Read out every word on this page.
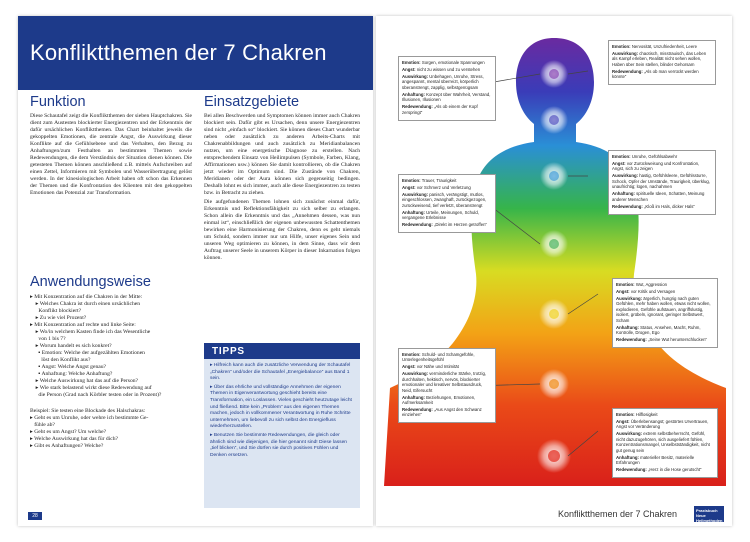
Konfliktthemen der 7 Chakren
Funktion

Diese Schautafel zeigt die Konfliktthemen der sieben Hauptchakren. Sie dient zum Austesten blockierter Energiezentren und der Erkenntnis der dafür ursächlichen Konfliktthemen. Das Chart beinhaltet jeweils die gekoppelten Emotionen, die zentrale Angst, die Auswirkung dieser Konflikte auf die Gefühlsebene und das Verhalten, den Bezug zu Anhaftungen/zum Festhalten an bestimmten Themen sowie Redewendungen, die dem Verständnis der Situation dienen können. Die getesteten Themen können anschließend z.B. mittels Aufschreiben auf einen Zettel, Informieren mit Symbolen und Wasserübertragung gelöst werden. In der kinesiologischen Arbeit haben oft schon das Erkennen der Themen und die Konfrontation des Klienten mit den gekoppelten Emotionen das Potenzial zur Transformation.

Anwendungsweise
▸ Mit Konzentration auf die Chakren in der Mitte:
▸ Welches Chakra ist durch einen ursächlichen
Konflikt blockiert?
▸ Zu wie viel Prozent?
▸ Mit Konzentration auf rechte und linke Seite:
▸ Wo/in welchem Kasten finde ich das Wesentliche
von 1 bis 7?
▸ Worum handelt es sich konkret?
▪ Emotion: Welche der aufgezählten Emotionen
löst den Konflikt aus?
▪ Angst: Welche Angst genau?
▪ Anhaftung: Welche Anhaftung?
▸ Welche Auswirkung hat das auf die Person?
▸ Wie stark belastend wirkt diese Redewendung auf
die Person (Grad nach Körbler testen oder in Prozent)?
Beispiel: Sie testen eine Blockade des Halschakras:
▸ Geht es um Unruhe, oder wehre ich bestimmte Ge-
fühle ab?
▸ Geht es um Angst? Um welche?
▸ Welche Auswirkung hat das für dich?
▸ Gibt es Anhaftungen? Welche?
Einsatzgebiete

Bei allen Beschwerden und Symptomen können immer auch Chakren blockiert sein. Dafür gibt es Ursachen, denn unsere Energiezentren sind nicht „einfach so“ blockiert. Sie können dieses Chart wunderbar neben oder zusätzlich zu anderen Arbeits-Charts mit Chakrenabbildungen und auch zusätzlich zu Meridianbalancen nutzen, um eine energetische Diagnose zu erstellen. Nach entsprechendem Einsatz von Heilimpulsen (Symbole, Farben, Klang, Affirmationen usw.) können Sie damit kontrollieren, ob die Chakren jetzt wieder im Optimum sind. Die Zustände von Chakren, Meridianen oder der Aura können sich gegenseitig bedingen. Deshalb lohnt es sich immer, auch alle diese Energiezentren zu testen bzw. in Betracht zu ziehen.

Die aufgefundenen Themen lohnen sich zunächst einmal dafür, Erkenntnis und Reflektionsfähigkeit zu sich selber zu erlangen. Schon allein die Erkenntnis und das „Annehmen dessen, was nun einmal ist“, einschließlich der eigenen unbewussten Schattenthemen bewirken eine Harmonisierung der Chakren, denn es geht niemals um Schuld, sondern immer nur um Hilfe, unser eigenes Sein und unseren Weg optimieren zu können, in dem Sinne, dass wir dem Auftrag unserer Seele in unserem Körper in dieser Inkarnation folgen können.

TIPPS

▸ Hilfreich kann auch die zusätzliche Verwendung der Schautafel „Chakren“ und/oder die Schautafel „Energiebalance“ aus Band 1 sein.

▸ Über das ehrliche und vollständige Annehmen der eigenen Themen in Eigenverantwortung geschieht bereits eine Transformation, ein Loslassen. Vieles geschieht heutzutage leicht und fließend. Bitte kein „Problem“ aus den eigenen Themen machen, jedoch in vollkommener Verantwortung in Ruhe Schritte unternehmen, um liebevoll zu sich selbst den Energiefluss wiederherzustellen.

▸ Benutzen Sie bestimmte Redewendungen, die gleich oder ähnlich sind wie diejenigen, die hier genannt sind! Diese lassen „tief blicken“, und Sie dürfen sie durch positives Fühlen und Denken ersetzen.

28

Emotion: Sorgen, emotionale Spannungen

Angst: nicht zu wissen und zu verstehen

Auswirkung: Unbehagen, Unruhe, Stress, angespannt, mental überreizt, körperlich überanstrengt, zapplig, selbstgenügsam

Anhaftung: Konzept über Wahrheit, Verstand, Illusionen, Illusionen

Redewendung: „Als ob einem der Kopf zerspringt“

Emotion: Trauer, Traurigkeit

Angst: vor Schmerz und Verletzung

Auswirkung: panisch, verängstigt, mutlos, eingeschlossen, zwanghaft, zurückgezogen, zurückweisend, tief verletzt, überanstrengt

Anhaftung: Urteile, Meinungen, Schuld, vergangene Erlebnisse

Redewendung: „Direkt im Herzen getroffen“

Emotion: Schuld- und Schamgefühle, Unterlegenheitsgefühl

Angst: vor Nähe und Intimität

Auswirkung: verminderliche Stärke, trotzig, durchhalten, hektisch, nervös, blockierter emotionaler und kreativer Selbstausdruck, Neid, Eifersucht

Anhaftung: Beziehungen, Emotionen, Aufmerksamkeit

Redewendung: „Aus Angst den Schwanz einziehen“

Emotion: Nervosität, Unzufriedenheit, Leere

Auswirkung: chaotisch, misstrauisch, das Leben als Kampf erleben, Realität nicht sehen wollen, Haben über Sein stellen, blinder Gehorsam

Redewendung: „Als ob man verrückt werden könnte“

Emotion: Unruhe, Gefühlsabwehr

Angst: vor Zurückweisung und Konfrontation, Angst, sich zu zeigen

Auswirkung: hastig, Gefühlsleere, Gefühlssturre, Schock, Opfer der Umstände, Traurigkeit, überklug, unaufrichtig; lügen, nachahmen

Anhaftung: spirituelle Ideen, Schatten, Meinung anderer Menschen

Redewendung: „Kloß im Hals, dicker Hals“

Emotion: Wut, Aggression

Angst: vor Kritik und Versagen

Auswirkung: ärgerlich, hungrig nach guten Gefühlen, mehr haben wollen, etwas nicht wollen, explodieren, Gefühle aufstauen, angriffslustig, isoliert, grübeln, ignorant, geringer Selbstwert, Scham

Anhaftung: Status, Ansehen, Macht, Ruhm, Kontrolle, Drogen, Ego

Redewendung: „Seine Wut herunterschlucken“

Emotion: Hilflosigkeit

Angst: Überlebensangst; gestörtes Urvertrauen, Angst vor Veränderung

Auswirkung: extrem selbstbeherrscht, Gefühl, nicht dazuzugehören, sich ausgeliefert fühlen, Konzentrationsmangel, Unselbstständigkeit, nicht gut genug sein

Anhaftung: materieller Besitz, materielle Erfahrungen

Redewendung: „Herz in die Hose gerutscht“

Konfliktthemen der 7 Chakren	Praxisbuch Neue Heilmethoden
